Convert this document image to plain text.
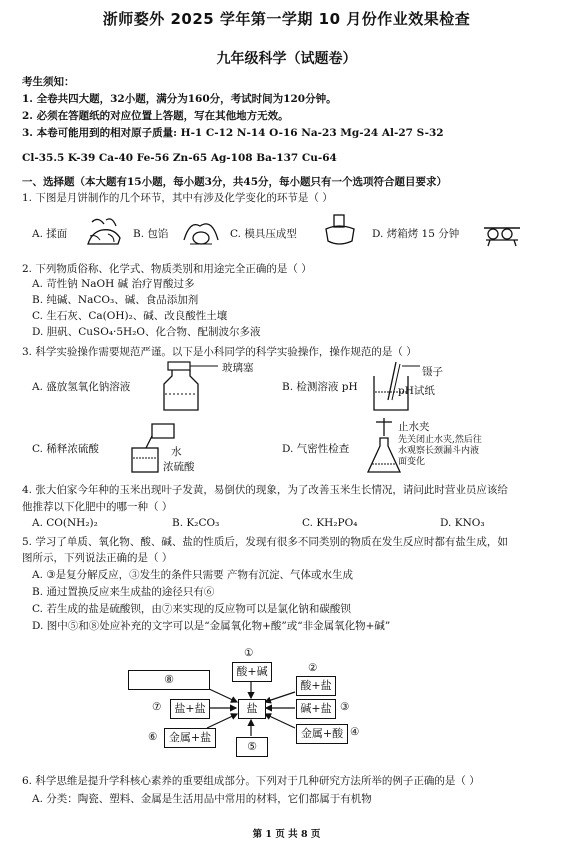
浙师婺外 2025 学年第一学期 10 月份作业效果检查
九年级科学（试题卷）
考生须知：
1. 全卷共四大题，32小题，满分为160分，考试时间为120分钟。
2. 必须在答题纸的对应位置上答题，写在其他地方无效。
3. 本卷可能用到的相对原子质量: H-1 C-12 N-14 O-16 Na-23 Mg-24 Al-27 S-32
Cl-35.5 K-39 Ca-40 Fe-56 Zn-65 Ag-108 Ba-137 Cu-64
一、选择题（本大题有15小题，每小题3分，共45分，每小题只有一个选项符合题目要求）
1. 下图是月饼制作的几个环节，其中有涉及化学变化的环节是（ ）
A. 揉面	B. 包馅	C. 模具压成型	D. 烤箱烤 15 分钟
2. 下列物质俗称、化学式、物质类别和用途完全正确的是（ ）
A. 苛性钠 NaOH 碱 治疗胃酸过多
B. 纯碱、NaCO₃、碱、食品添加剂
C. 生石灰、Ca(OH)₂、碱、改良酸性土壤
D. 胆矾、CuSO₄·5H₂O、化合物、配制波尔多液
3. 科学实验操作需要规范严谨。以下是小科同学的科学实验操作，操作规范的是（ ）
A. 盛放氢氧化钠溶液
玻璃塞
B. 检测溶液 pH
镊子
pH试纸
C. 稀释浓硫酸	水
浓硫酸
D. 气密性检查
止水夹
先关闭止水夹,然后往
水观察长颈漏斗内液
面变化
4. 张大伯家今年种的玉米出现叶子发黄，易倒伏的现象，为了改善玉米生长情况，请问此时营业员应该给
他推荐以下化肥中的哪一种（ ）
A. CO(NH₂)₂	B. K₂CO₃	C. KH₂PO₄	D. KNO₃
5. 学习了单质、氧化物、酸、碱、盐的性质后，发现有很多不同类别的物质在发生反应时都有盐生成，如
图所示，下列说法正确的是（ ）
A. ③是复分解反应，③发生的条件只需要 产物有沉淀、气体或水生成
B. 通过置换反应来生成盐的途径只有⑥
C. 若生成的盐是硫酸钡，由⑦来实现的反应物可以是氯化钠和碳酸钡
D. 图中⑤和⑧处应补充的文字可以是“金属氧化物+酸”或“非金属氧化物+碱”
⑧
①
酸+碱	②
酸+盐
⑦	盐+盐	盐	碱+盐 ③
⑥	金属+盐	金属+酸 ④
⑤
6. 科学思维是提升学科核心素养的重要组成部分。下列对于几种研究方法所举的例子正确的是（ ）
A. 分类：陶瓷、塑料、金属是生活用品中常用的材料，它们都属于有机物
第 1 页 共 8 页
